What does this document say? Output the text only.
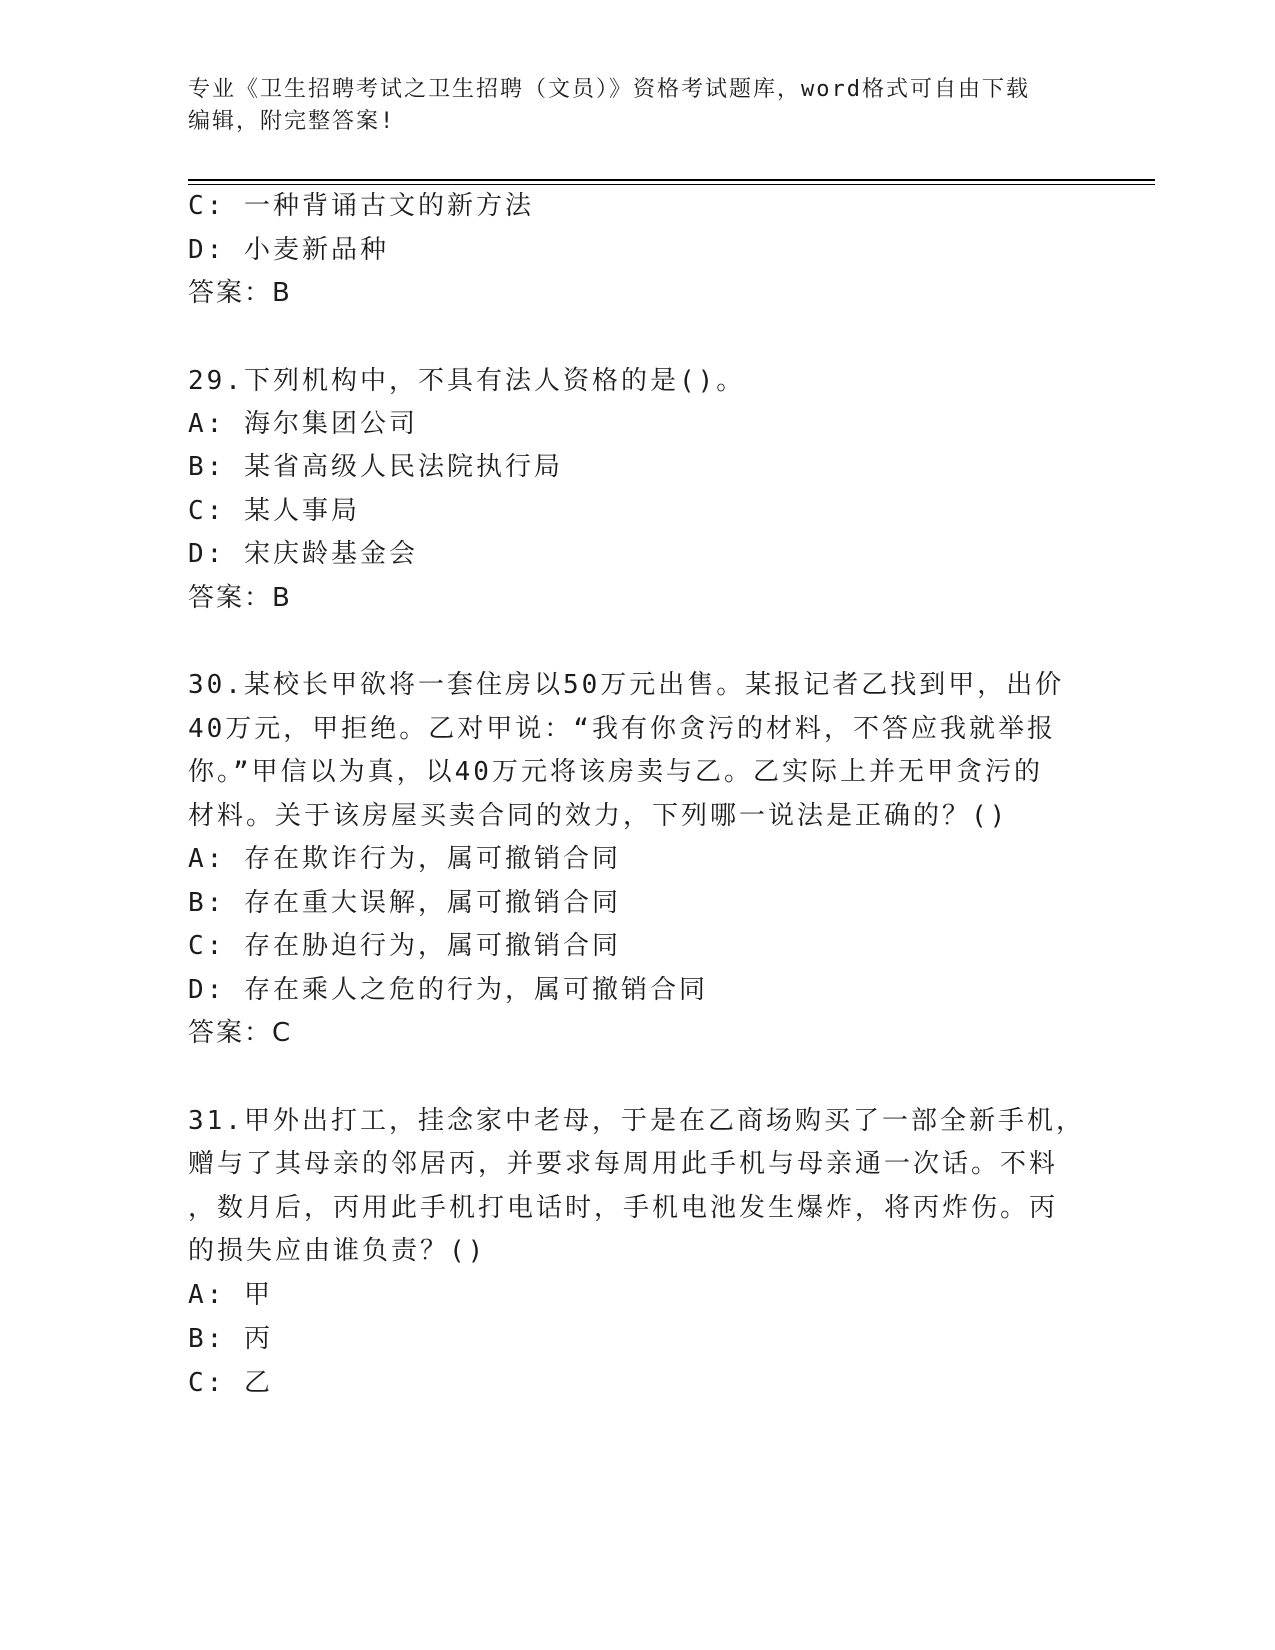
专业《卫生招聘考试之卫生招聘（文员）》资格考试题库，word格式可自由下载
编辑，附完整答案!
C: 一种背诵古文的新方法
D: 小麦新品种
答案：B
29.下列机构中，不具有法人资格的是()。
A: 海尔集团公司
B: 某省高级人民法院执行局
C: 某人事局
D: 宋庆龄基金会
答案：B
30.某校长甲欲将一套住房以50万元出售。某报记者乙找到甲，出价
40万元，甲拒绝。乙对甲说：“我有你贪污的材料，不答应我就举报
你。”甲信以为真，以40万元将该房卖与乙。乙实际上并无甲贪污的
材料。关于该房屋买卖合同的效力，下列哪一说法是正确的？()
A: 存在欺诈行为，属可撤销合同
B: 存在重大误解，属可撤销合同
C: 存在胁迫行为，属可撤销合同
D: 存在乘人之危的行为，属可撤销合同
答案：C
31.甲外出打工，挂念家中老母，于是在乙商场购买了一部全新手机，
赠与了其母亲的邻居丙，并要求每周用此手机与母亲通一次话。不料
，数月后，丙用此手机打电话时，手机电池发生爆炸，将丙炸伤。丙
的损失应由谁负责？()
A: 甲
B: 丙
C: 乙
